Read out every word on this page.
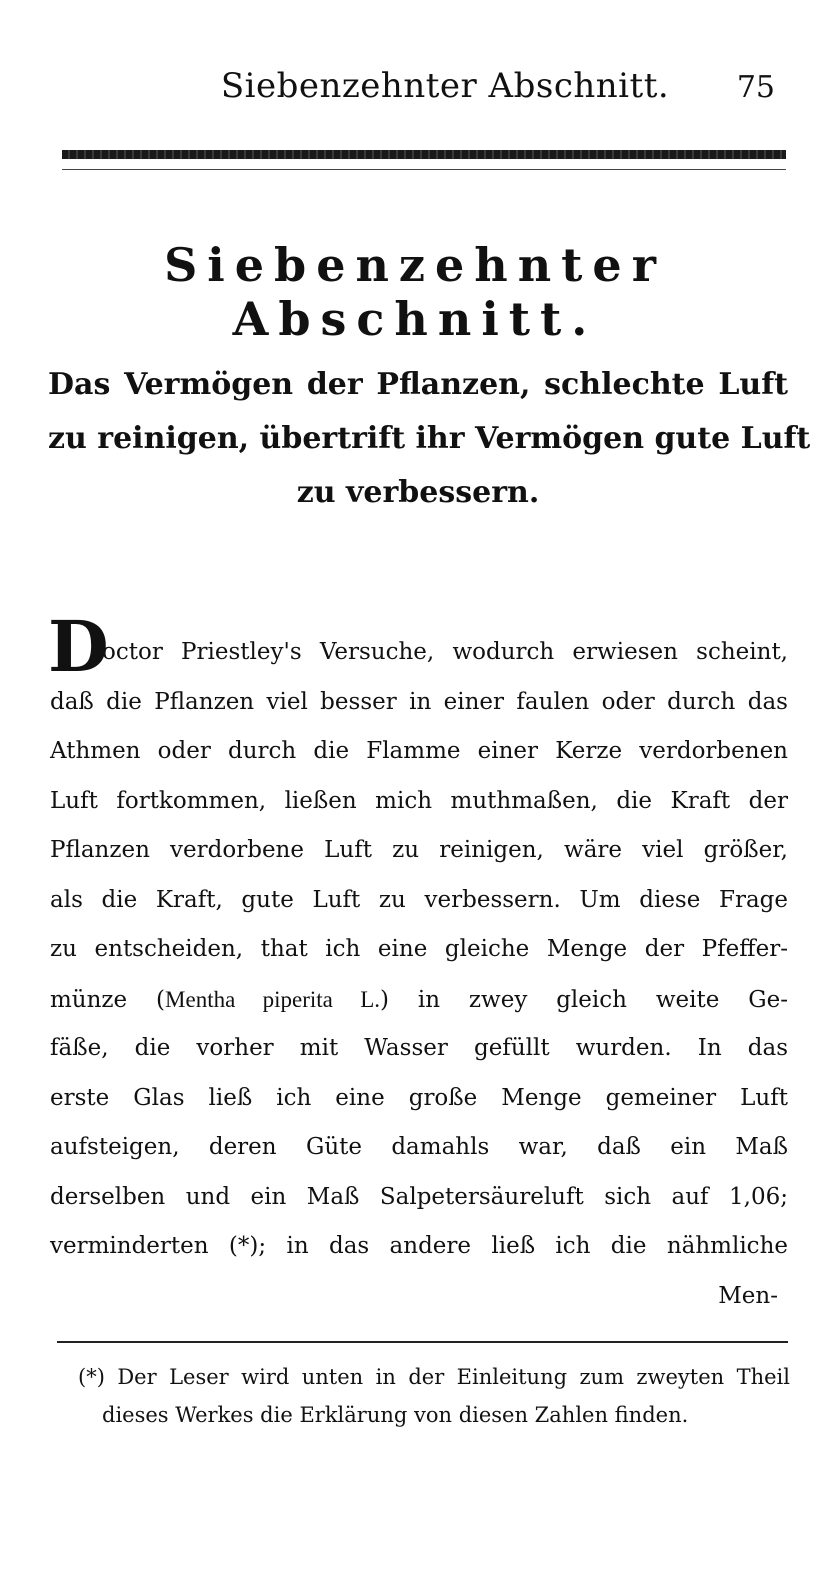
Siebenzehnter Abschnitt.	75
Siebenzehnter Abschnitt.
Das Vermögen der Pflanzen, schlechte Luft
zu reinigen, übertrift ihr Vermögen gute Luft
zu verbessern.
D
octor Priestley's Versuche, wodurch erwiesen scheint,
daß die Pflanzen viel besser in einer faulen oder durch das
Athmen oder durch die Flamme einer Kerze verdorbenen
Luft fortkommen, ließen mich muthmaßen, die Kraft der
Pflanzen verdorbene Luft zu reinigen, wäre viel größer,
als die Kraft, gute Luft zu verbessern. Um diese Frage
zu entscheiden, that ich eine gleiche Menge der Pfeffer-
münze (Mentha piperita L.) in zwey gleich weite Ge-
fäße, die vorher mit Wasser gefüllt wurden. In das
erste Glas ließ ich eine große Menge gemeiner Luft
aufsteigen, deren Güte damahls war, daß ein Maß
derselben und ein Maß Salpetersäureluft sich auf 1,06;
verminderten (*); in das andere ließ ich die nähmliche
Men-
(*) Der Leser wird unten in der Einleitung zum zweyten Theil
dieses Werkes die Erklärung von diesen Zahlen finden.
